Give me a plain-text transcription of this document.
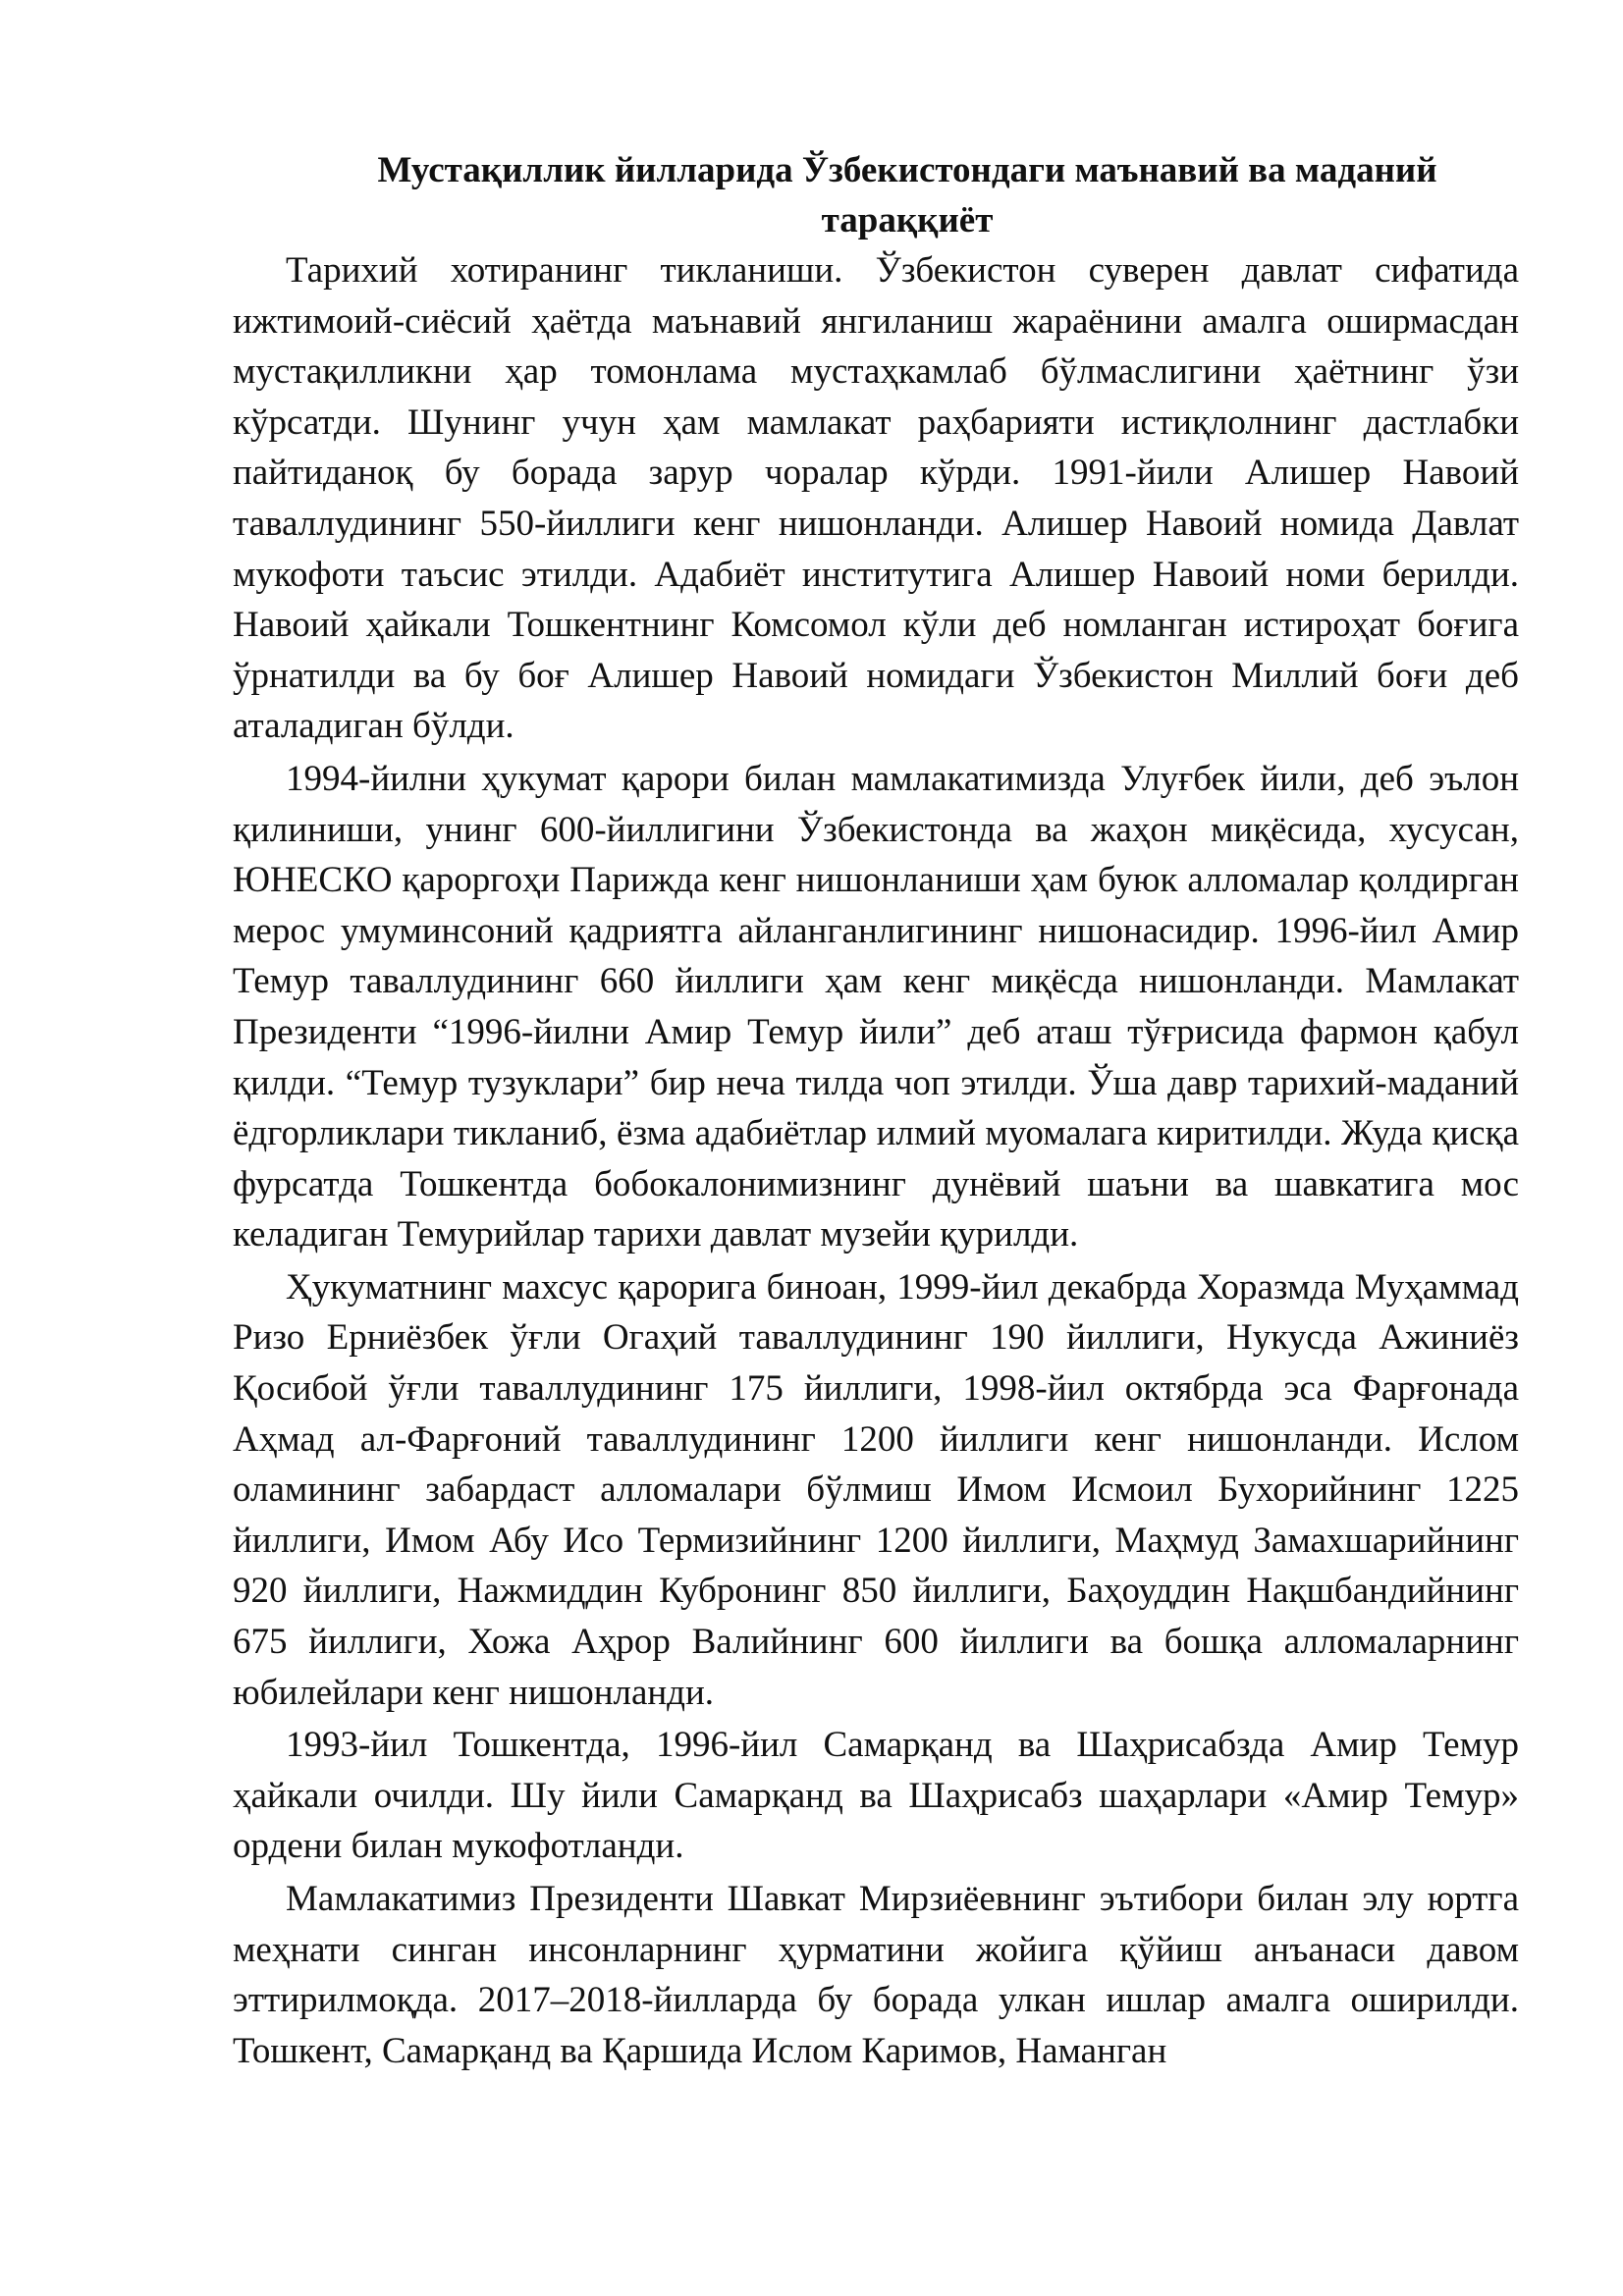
Мустақиллик йилларида Ўзбекистондаги маънавий ва маданий тараққиёт

Тарихий хотиранинг тикланиши. Ўзбекистон суверен давлат сифатида ижтимоий-сиёсий ҳаётда маънавий янгиланиш жараёнини амалга оширмасдан мустақилликни ҳар томонлама мустаҳкамлаб бўлмаслигини ҳаётнинг ўзи кўрсатди. Шунинг учун ҳам мамлакат раҳбарияти истиқлолнинг дастлабки пайтиданоқ бу борада зарур чоралар кўрди. 1991-йили Алишер Навоий таваллудининг 550-йиллиги кенг нишонланди. Алишер Навоий номида Давлат мукофоти таъсис этилди. Адабиёт институтига Алишер Навоий номи берилди. Навоий ҳайкали Тошкентнинг Комсомол кўли деб номланган истироҳат боғига ўрнатилди ва бу боғ Алишер Навоий номидаги Ўзбекистон Миллий боғи деб аталадиган бўлди.

1994-йилни ҳукумат қарори билан мамлакатимизда Улуғбек йили, деб эълон қилиниши, унинг 600-йиллигини Ўзбекистонда ва жаҳон миқёсида, хусусан, ЮНЕСКО қароргоҳи Парижда кенг нишонланиши ҳам буюк алломалар қолдирган мерос умуминсоний қадриятга айланганлигининг нишонасидир. 1996-йил Амир Темур таваллудининг 660 йиллиги ҳам кенг миқёсда нишонланди. Мамлакат Президенти “1996-йилни Амир Темур йили” деб аташ тўғрисида фармон қабул қилди. “Темур тузуклари” бир неча тилда чоп этилди. Ўша давр тарихий-маданий ёдгорликлари тикланиб, ёзма адабиётлар илмий муомалага киритилди. Жуда қисқа фурсатда Тошкентда бобокалонимизнинг дунёвий шаъни ва шавкатига мос келадиган Темурийлар тарихи давлат музейи қурилди.

Ҳукуматнинг махсус қарорига биноан, 1999-йил декабрда Хоразмда Муҳаммад Ризо Ерниёзбек ўғли Огаҳий таваллудининг 190 йиллиги, Нукусда Ажиниёз Қосибой ўғли таваллудининг 175 йиллиги, 1998-йил октябрда эса Фарғонада Аҳмад ал-Фарғоний таваллудининг 1200 йиллиги кенг нишонланди. Ислом оламининг забардаст алломалари бўлмиш Имом Исмоил Бухорийнинг 1225 йиллиги, Имом Абу Исо Термизийнинг 1200 йиллиги, Маҳмуд Замахшарийнинг 920 йиллиги, Нажмиддин Кубронинг 850 йиллиги, Баҳоуддин Нақшбандийнинг 675 йиллиги, Хожа Аҳрор Валийнинг 600 йиллиги ва бошқа алломаларнинг юбилейлари кенг нишонланди.

1993-йил Тошкентда, 1996-йил Самарқанд ва Шаҳрисабзда Амир Темур ҳайкали очилди. Шу йили Самарқанд ва Шаҳрисабз шаҳарлари «Амир Темур» ордени билан мукофотланди.

Мамлакатимиз Президенти Шавкат Мирзиёевнинг эътибори билан элу юртга меҳнати синган инсонларнинг ҳурматини жойига қўйиш анъанаси давом эттирилмоқда. 2017–2018-йилларда бу борада улкан ишлар амалга оширилди. Тошкент, Самарқанд ва Қаршида Ислом Каримов, Наманган
